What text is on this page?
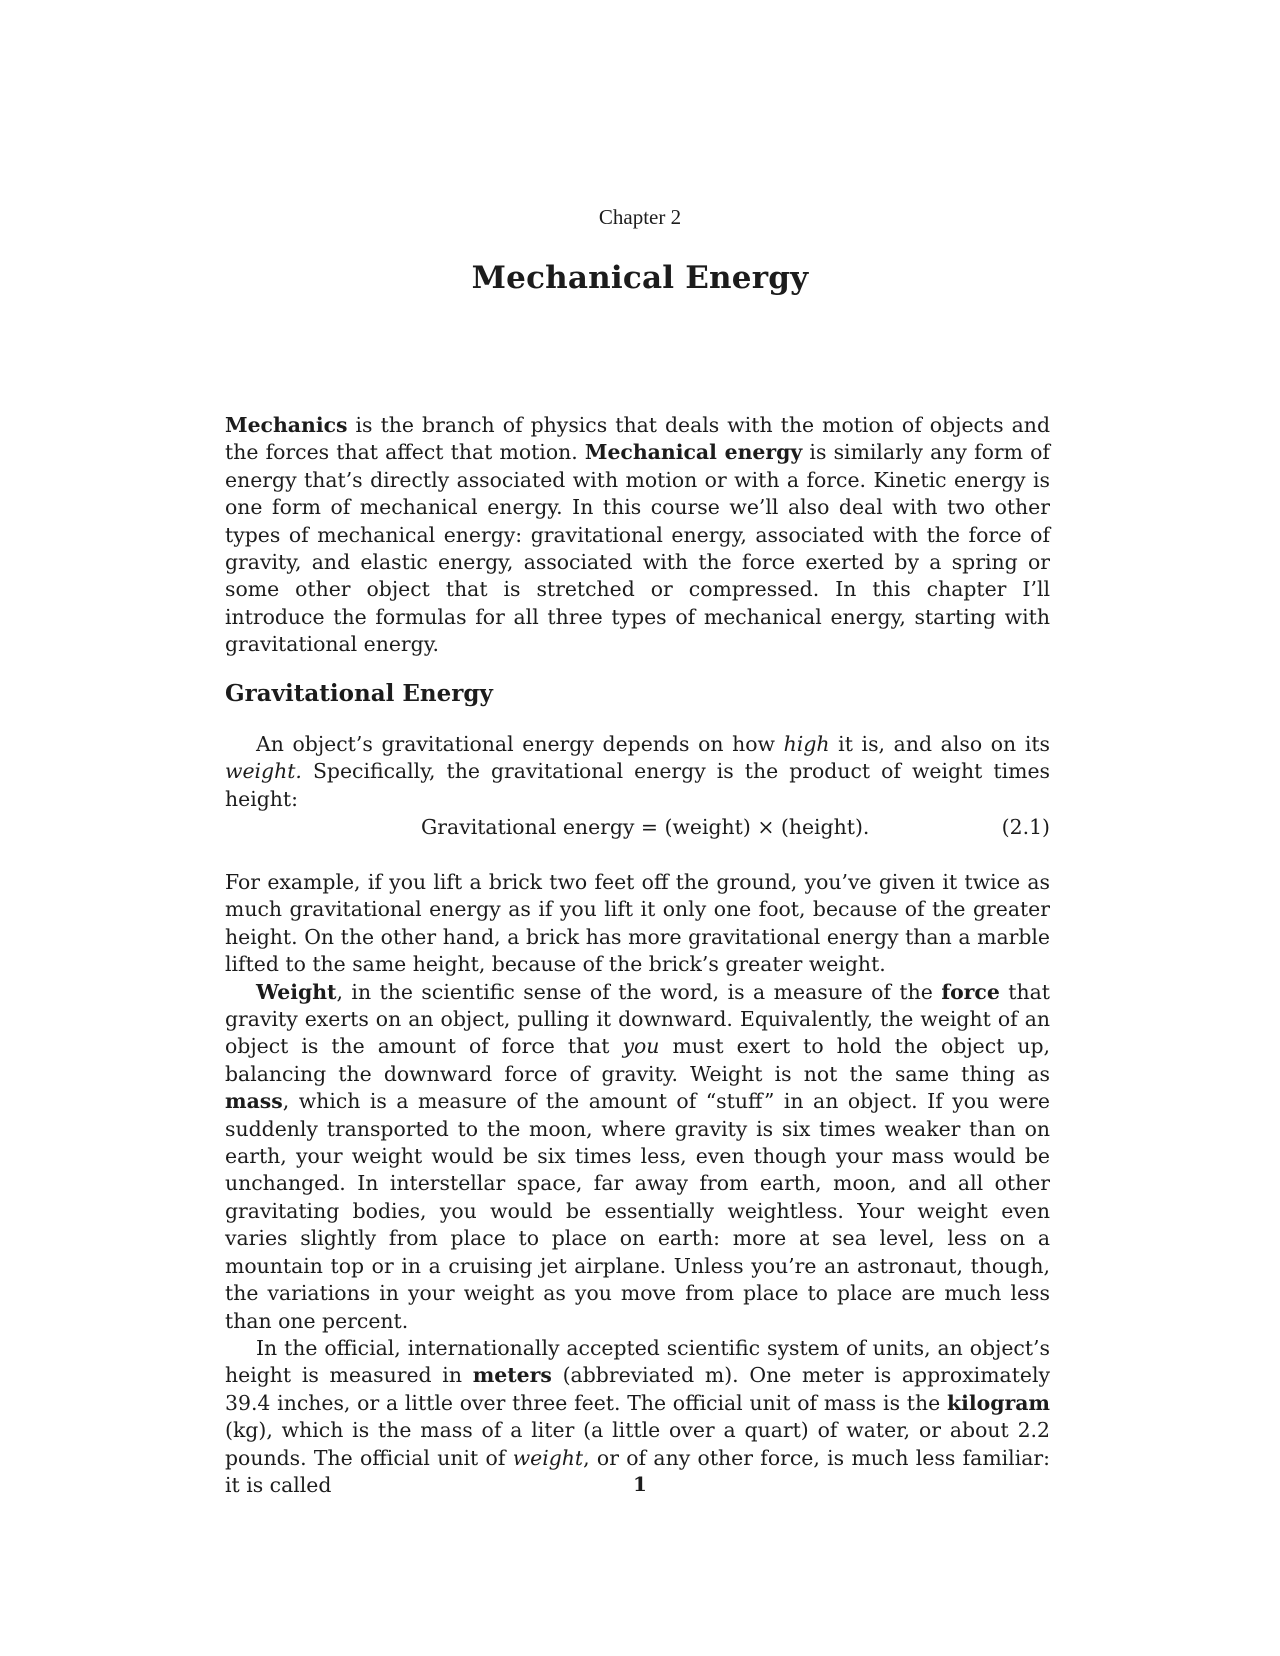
Chapter 2
Mechanical Energy

Mechanics is the branch of physics that deals with the motion of objects and the forces that affect that motion. Mechanical energy is similarly any form of energy that’s directly associated with motion or with a force. Kinetic energy is one form of mechanical energy. In this course we’ll also deal with two other types of mechanical energy: gravitational energy, associated with the force of gravity, and elastic energy, associated with the force exerted by a spring or some other object that is stretched or compressed. In this chapter I’ll introduce the formulas for all three types of mechanical energy, starting with gravitational energy.

Gravitational Energy

An object’s gravitational energy depends on how high it is, and also on its weight. Specifically, the gravitational energy is the product of weight times height:

Gravitational energy = (weight) × (height).	(2.1)

For example, if you lift a brick two feet off the ground, you’ve given it twice as much gravitational energy as if you lift it only one foot, because of the greater height. On the other hand, a brick has more gravitational energy than a marble lifted to the same height, because of the brick’s greater weight.

Weight, in the scientific sense of the word, is a measure of the force that gravity exerts on an object, pulling it downward. Equivalently, the weight of an object is the amount of force that you must exert to hold the object up, balancing the downward force of gravity. Weight is not the same thing as mass, which is a measure of the amount of “stuff” in an object. If you were suddenly transported to the moon, where gravity is six times weaker than on earth, your weight would be six times less, even though your mass would be unchanged. In interstellar space, far away from earth, moon, and all other gravitating bodies, you would be essentially weightless. Your weight even varies slightly from place to place on earth: more at sea level, less on a mountain top or in a cruising jet airplane. Unless you’re an astronaut, though, the variations in your weight as you move from place to place are much less than one percent.

In the official, internationally accepted scientific system of units, an object’s height is measured in meters (abbreviated m). One meter is approximately 39.4 inches, or a little over three feet. The official unit of mass is the kilogram (kg), which is the mass of a liter (a little over a quart) of water, or about 2.2 pounds. The official unit of weight, or of any other force, is much less familiar: it is called	1
